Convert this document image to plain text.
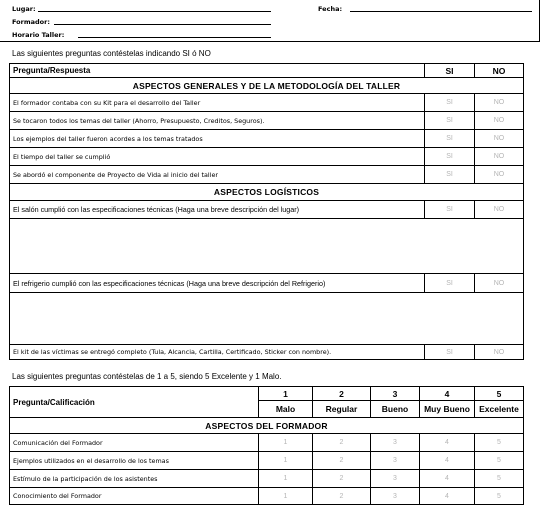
Lugar:	Fecha:
Formador:
Horario Taller:
Las siguientes preguntas contéstelas indicando SI ó NO
Pregunta/Respuesta	SI	NO
ASPECTOS GENERALES Y DE LA METODOLOGÍA DEL TALLER		
El formador contaba con su Kit para el desarrollo del Taller	SI	NO
Se tocaron todos los temas del taller (Ahorro, Presupuesto, Creditos, Seguros).	SI	NO
Los ejemplos del taller fueron acordes a los temas tratados	SI	NO
El tiempo del taller se cumplió	SI	NO
Se abordó el componente de Proyecto de Vida al inicio del taller	SI	NO
ASPECTOS LOGÍSTICOS		
El salón cumplió con las especificaciones técnicas (Haga una breve descripción del lugar)	SI	NO

El refrigerio cumplió con las especificaciones técnicas (Haga una breve descripción del Refrigerio)	SI	NO

El kit de las víctimas se entregó completo (Tula, Alcancia, Cartilla, Certificado, Sticker con nombre).	SI	NO
Las siguientes preguntas contéstelas de 1 a 5, siendo 5 Excelente y 1 Malo.
Pregunta/Calificación	1	2	3	4	5
	Malo	Regular	Bueno	Muy Bueno	Excelente
ASPECTOS DEL FORMADOR					
Comunicación del Formador	1	2	3	4	5
Ejemplos utilizados en el desarrollo de los temas	1	2	3	4	5
Estímulo de la participación de los asistentes	1	2	3	4	5
Conocimiento del Formador	1	2	3	4	5
